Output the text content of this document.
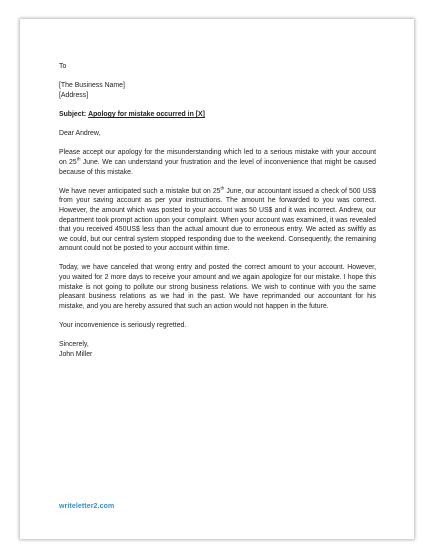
To

[The Business Name]

[Address]

Subject: Apology for mistake occurred in [X]

Dear Andrew,

Please accept our apology for the misunderstanding which led to a serious mistake with your account on 25th June. We can understand your frustration and the level of inconvenience that might be caused because of this mistake.

We have never anticipated such a mistake but on 25th June, our accountant issued a check of 500 US$ from your saving account as per your instructions. The amount he forwarded to you was correct. However, the amount which was posted to your account was 50 US$ and it was incorrect. Andrew, our department took prompt action upon your complaint. When your account was examined, it was revealed that you received 450US$ less than the actual amount due to erroneous entry. We acted as swiftly as we could, but our central system stopped responding due to the weekend. Consequently, the remaining amount could not be posted to your account within time.

Today, we have canceled that wrong entry and posted the correct amount to your account. However, you waited for 2 more days to receive your amount and we again apologize for our mistake. I hope this mistake is not going to pollute our strong business relations. We wish to continue with you the same pleasant business relations as we had in the past. We have reprimanded our accountant for his mistake, and you are hereby assured that such an action would not happen in the future.

Your inconvenience is seriously regretted.

Sincerely,

John Miller

writeletter2.com
